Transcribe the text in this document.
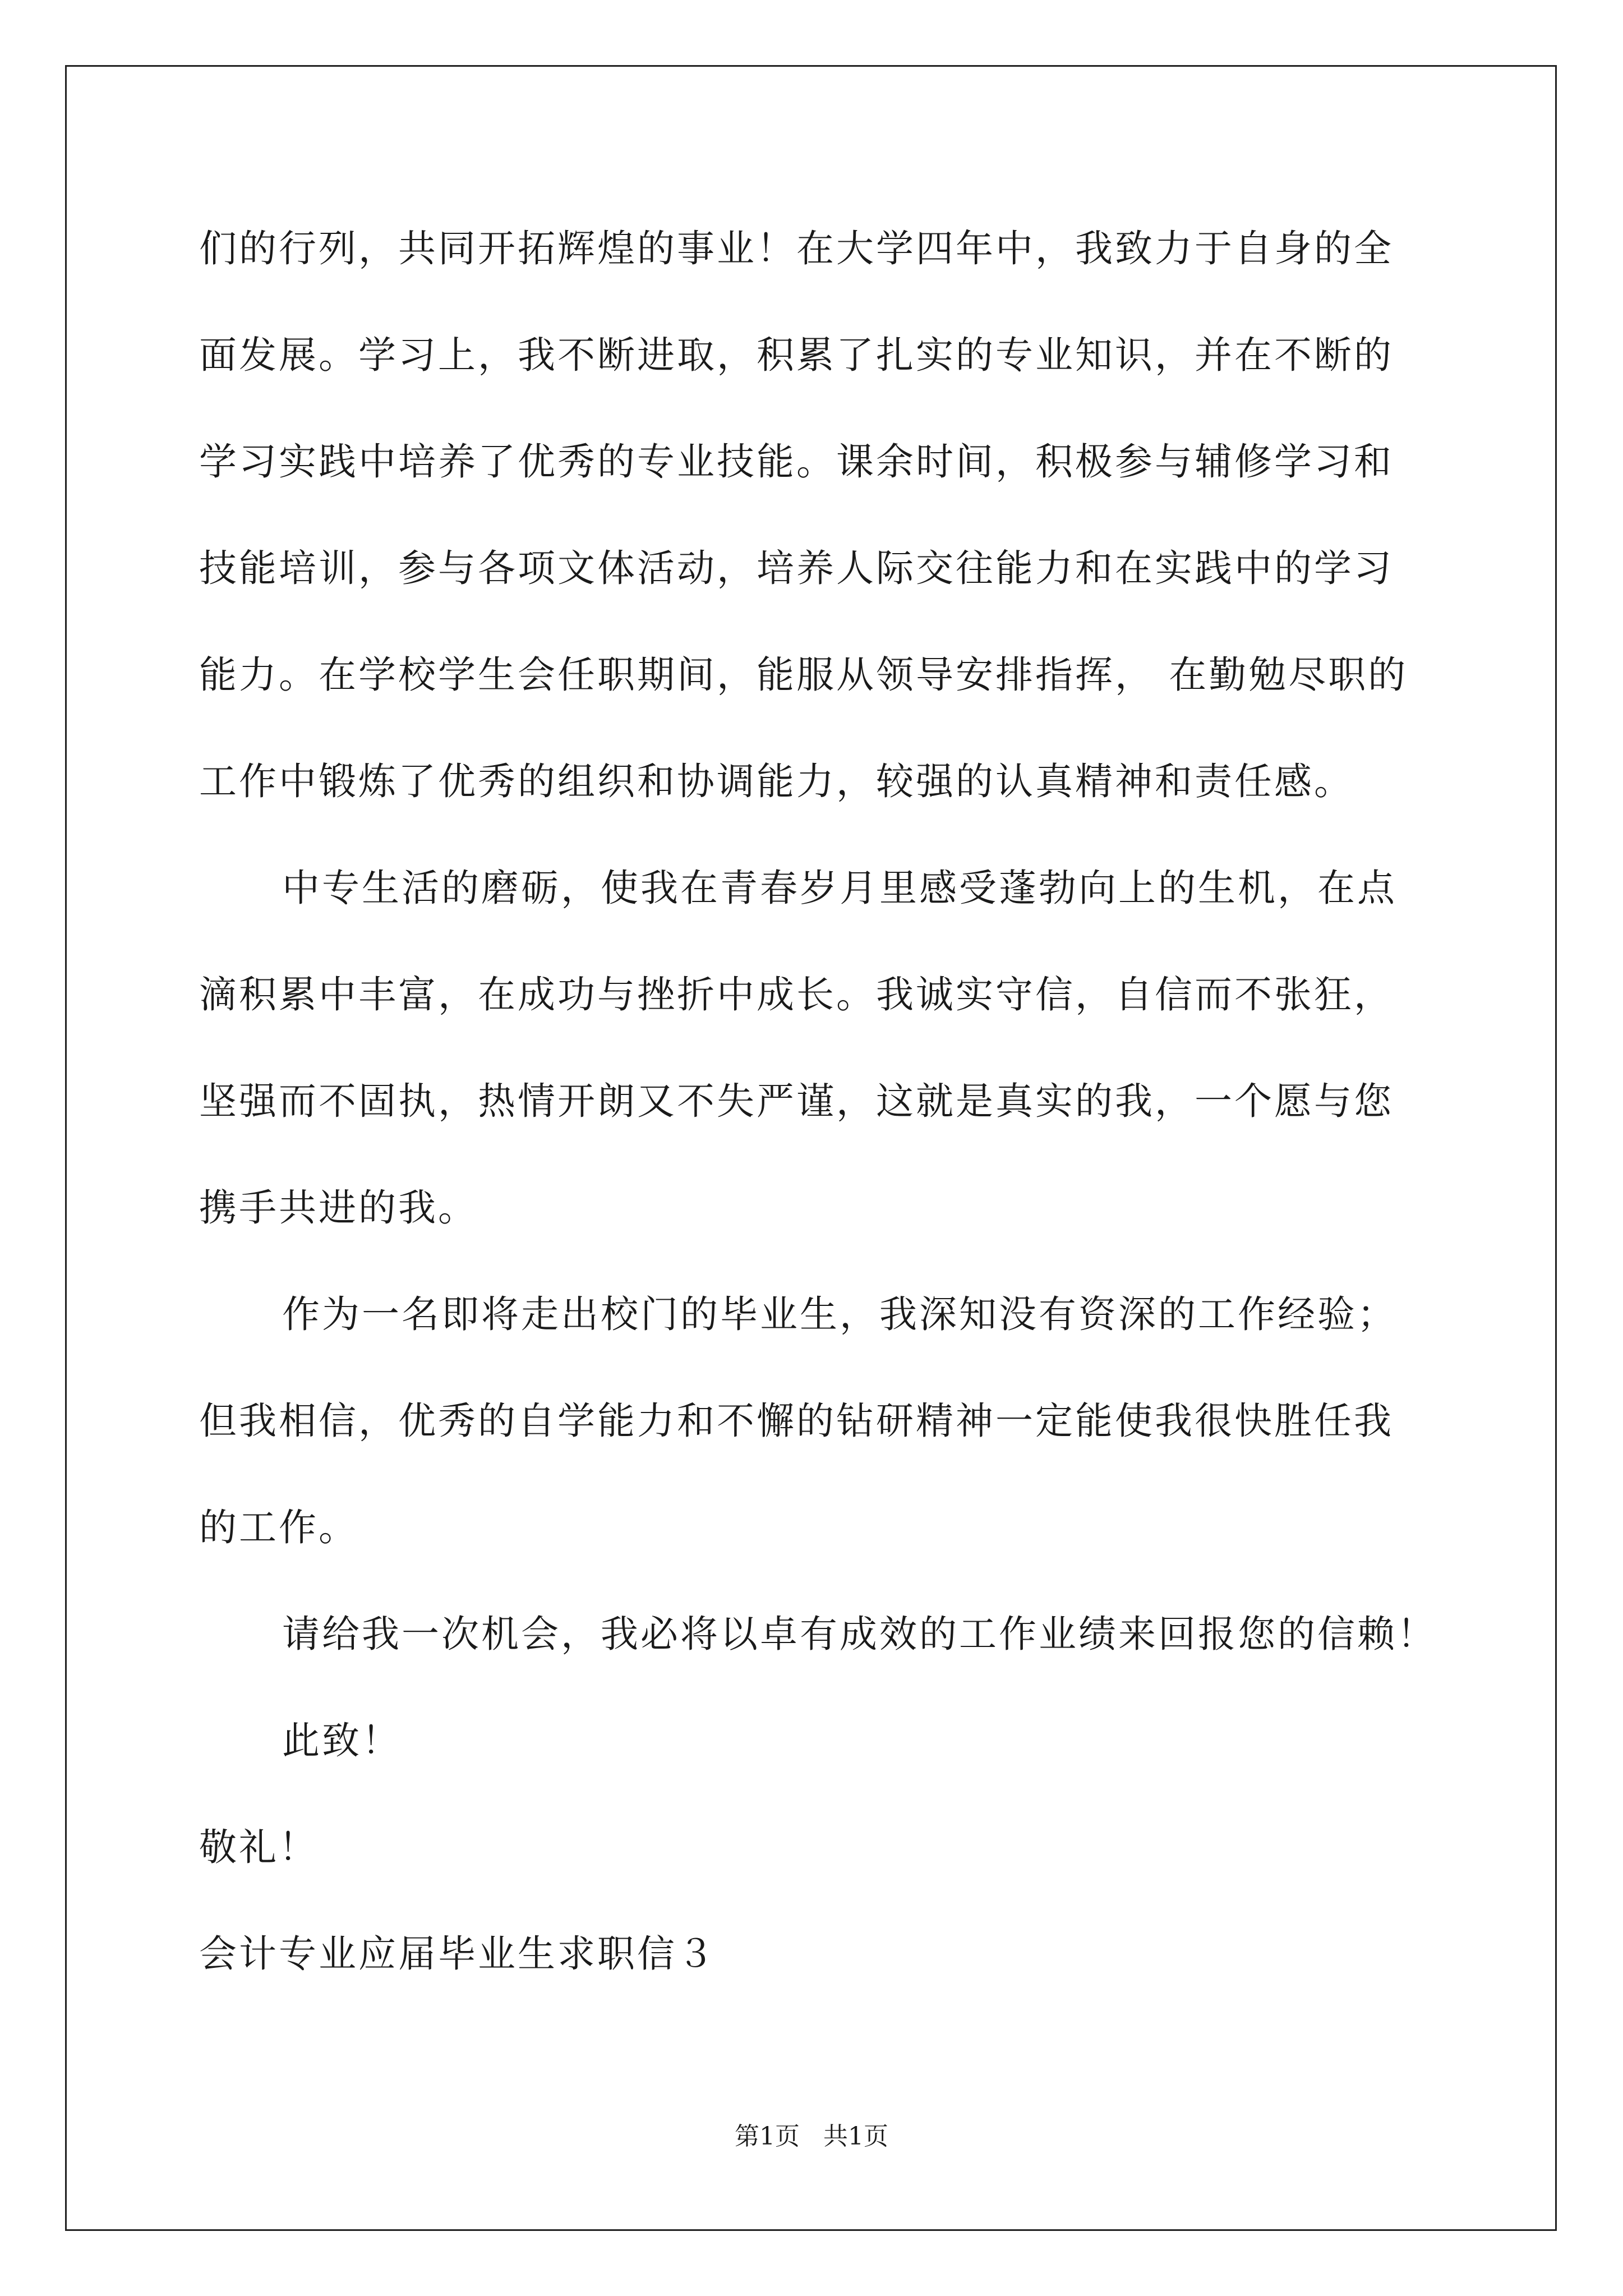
们的行列，共同开拓辉煌的事业！在大学四年中，我致力于自身的全
面发展。学习上，我不断进取，积累了扎实的专业知识，并在不断的
学习实践中培养了优秀的专业技能。课余时间，积极参与辅修学习和
技能培训，参与各项文体活动，培养人际交往能力和在实践中的学习
能力。在学校学生会任职期间，能服从领导安排指挥， 在勤勉尽职的
工作中锻炼了优秀的组织和协调能力，较强的认真精神和责任感。
中专生活的磨砺，使我在青春岁月里感受蓬勃向上的生机，在点
滴积累中丰富，在成功与挫折中成长。我诚实守信，自信而不张狂，
坚强而不固执，热情开朗又不失严谨，这就是真实的我，一个愿与您
携手共进的我。
作为一名即将走出校门的毕业生，我深知没有资深的工作经验；
但我相信，优秀的自学能力和不懈的钻研精神一定能使我很快胜任我
的工作。
请给我一次机会，我必将以卓有成效的工作业绩来回报您的信赖！
此致！
敬礼！
会计专业应届毕业生求职信３
第1页   共1页
